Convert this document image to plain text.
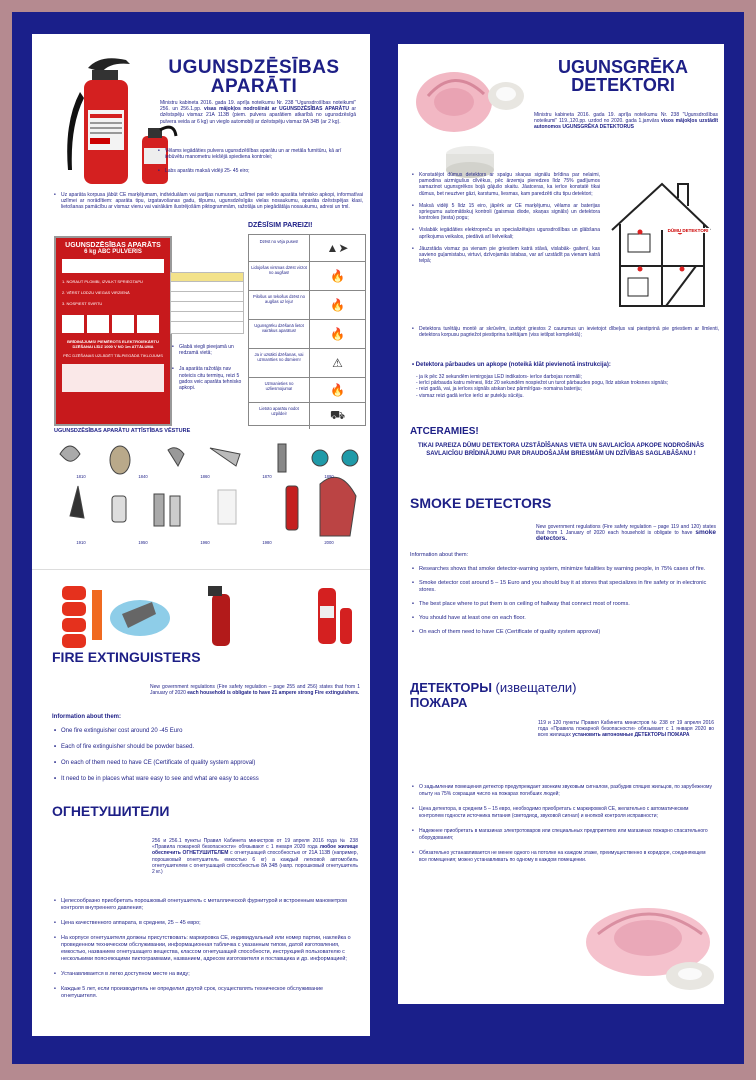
UGUNSDZĒSĪBAS
APARĀTI
Ministru kabineta 2016. gada 19. aprīļa noteikumu Nr. 238 "Ugunsdrošības noteikumi" 256. un 256.1.pp. visas mājokļos nodrošināt ar UGUNSDZĒSĪBAS APARĀTU ar dzēstspēju vismaz 21A 113B (piem. pulvera aparātiem atkarībā no ugunsdzēsīgā pulvera veida ar 6 kg) un vieglo automobiļi ar dzēstspēju vismaz 8A 34B (ar 2 kg).
• Vēlams iegādāties pulvera ugunsdzēšības aparātu un ar metāla furnitūru, kā arī iebūvētu manometru iekšējā spiediena kontrolei;
• Labs aparāts maksā vidēji 25- 45 eiro;
• Uz aparāta korpusa jābūt CE marķējumam, individuālam vai partijas numuram, uzlīmei par veikto aparāta tehnisko apkopi, informatīvai uzlīmei ar norādītiem: aparāta tipu, izgatavošanas gadu, tilpumu, ugunsdzēsīgās vielas nosaukumu, aparāta dzēstspējas klasi, lietošanas pamācību ar vismaz vienu vai vairākām ilustrējošām piktogrammām, ražotāja un piegādātāja nosaukumu, adresi un tml.
DZĒSĪSIM PAREIZI!
UGUNSDZĒSĪBAS APARĀTS
6 kg ABC PULVERIS
1. NORAUT PLOMBI, IZVILKT SPRIEGTAPU
2. VĒRST LŪDZU VIEGAS VIRZIENĀ
3. NOSPIEST SVIRTU
BRĪDINĀJUMS! PIEMĒROTS ELEKTROIEKĀRTU DZĒŠANAI LĪDZ 1000 V NO 1m ATTĀLUMA
PĒC DZĒŠANAS UZLĀDĒT TĀLPIEGĀDĀ TIKLOJUMS
• Glabā viegli pieejamā un redzamā vietā;
• Ja aparāta ražotājs nav noteicis citu termiņu, reizi 5 gados veic aparāta tehnisko apkopi.
Dzēst no vēja puses!	▲➤
Lidojošas virsmas dzēst virzot no augšas!	🔥
Pilošus un tekošus dzēst no augšas uz leju!	🔥
Ugunsgrēku dzēšanā lietot vairākus aparātus!	🔥
Ja ir uzsākti dzēšanas, vai uzmanīties no dūmiem!	⚠
Uzmanieties no uzliesmojuma!	🔥
Lietoto aparātu nodot uzpildei!	⛟
UGUNSDZĒSĪBAS APARĀTU ATTĪSTĪBAS VĒSTURE
1810	1840	1860	1870	1890
1910	1950	1960	1980	2000
FIRE EXTINGUISTERS
New government regulations (Fire safety regulation – page 255 and 256) states that from 1 January of 2020 each household is obligate to have 21 ampere strong Fire extinguishers.
Information about them:
• One fire extinguisher cost around 20 -45 Euro
• Each of fire extinguisher should be powder based.
• On each of them need to have CE (Certificate of quality system approval)
• It need to be in places what ware easy to see and what are easy to access
ОГНЕТУШИТЕЛИ
256 и 256.1 пункты Правил Кабинета министров от 19 апреля 2016 года № 238 «Правила пожарной безопасности» обязывают с 1 января 2020 года любое жилище обеспечить ОГНЕТУШИТЕЛЕМ с огнетушащей способностью от 21A 113B (например, порошковый огнетушитель емкостью 6 кг) а каждый легковой автомобиль огнетушителем с огнетушащей способностью 8A 34B (напр. порошковый огнетушитель 2 кг.)
• Целесообразно приобретать порошковый огнетушитель с металлической фурнитурой и встроенным манометром контроля внутреннего давления;
• Цена качественного аппарата, в среднем, 25 – 45 евро;
• На корпусе огнетушителя должны присутствовать: маркировка CE, индивидуальный или номер партии, наклейка о проведенном техническом обслуживании, информационная табличка с указанным типом, датой изготовления, емкостью, названием огнетушащего вещества, классом огнетушащей способности, инструкцией пользователю с несколькими поясняющими пиктограммами, названием, адресом изготовителя и поставщика и др. информацией;
• Устанавливается в легко доступном месте на виду;
• Каждые 5 лет, если производитель не определил другой срок, осуществлять техническое обслуживание огнетушителя.
UGUNSGRĒKA
DETEKTORI
Ministru kabineta 2016. gada 19. aprīļa noteikumu Nr. 238 "Ugunsdrošības noteikumi" 119.,120.pp. uzdod no 2020. gada 1.janvāra visos mājokļos uzstādīt autonomos UGUNSGRĒKA DETEKTORUS
• Konstatējot dūmus detektors ar spalgu skaņas signālu brīdina par nelaimi, pamodina aizmigušus cilvēkus, pēc ārzemju pieredzes līdz 75% gadījumos samazinot ugunsgrēkos bojā gājušo skaitu. Jāatceras, ka ierīce konstatē tikai dūmus, bet neuztver gāzi, karstumu, liesmas, kam paredzēti citu tipu detektori;
• Maksā vidēji 5 līdz 15 eiro, jāpērk ar CE marķējumu, vēlams ar baterijas spriegumu automātiskuj kontroli (gaismas diode, skaņas signāls) un detektora kontroles (testa) pogu;
• Vislabāk iegādāties elektropreču un specializētajos ugunsdrošības un glābšana aprīkojuma veikalos, piedāvā arī lielveikali;
• Jāuzstāda vismaz pa vienam pie griestiem katrā stāvā, vislabāk- gaitenī, kas savieno guļamistabu, virtuvi, dzīvojamās istabas, var arī uzstādīt pa vienam katrā telpā;
• Detektora turētāju montē ar skrūvēm, izurbjot griestos 2 caurumus un ievietojot dībeļus vai piestiprinā pie griestiem ar līmlenti, detektora korpusu pagriežot piestiprina turētājam (viss ietilpst komplektā);
DŪMU DETEKTORI
• Detektora pārbaudes un apkope (noteikā klāt pievienotā instrukcija):
- ja ik pēc 32 sekundēm iemirgojas LED indikators- ierīce darbojas normāli;
- ierīci pārbauda katru mēnesi, līdz 20 sekundēm nospiežot un turot pārbaudes pogu, līdz atskan troksnes signāls;
- reizi gadā, vai, ja ierīces signāls atskan bez pārmīrīgas- nomaina bateriju;
- vismaz reizi gadā ierīce ierīci ar putekļu sūcēju.
ATCERAMIES!
TIKAI PAREIZA DŪMU DETEKTORA UZSTĀDĪŠANAS VIETA UN SAVLAICĪGA APKOPE NODROŠINĀS SAVLAICĪGU BRĪDINĀJUMU PAR DRAUDOŠAJĀM BRIESMĀM UN DZĪVĪBAS SAGLABĀŠANU !
SMOKE DETECTORS
New government regulations (Fire safety regulation – page 119 and 120) states that from 1 January of 2020 each household is obligate to have smoke detectors.
Information about them:
• Researches shows that smoke detector-warning system, minimize fatalities by warning people, in 75% cases of fire.
• Smoke detector cost around 5 – 15 Euro and you should buy it at stores that specializes in fire safety or in electronic stores.
• The best place where to put them is on ceiling of hallway that connect most of rooms.
• You should have at least one on each floor.
• On each of them need to have CE (Certificate of quality system approval)
ДЕТЕКТОРЫ (извещатели)
ПОЖАРА
119 и 120 пункты Правил Кабинета министров № 238 от 19 апреля 2016 года «Правила пожарной безопасности» обязывают с 1 января 2020 во всех жилищах установить автономные ДЕТЕКТОРЫ ПОЖАРА
• О задымлении помещения детектор предупреждает звонким звуковым сигналом, разбудив спящих жильцов, по зарубежному опыту на 75% сокращая число на пожарах погибших людей;
• Цена детектора, в среднем 5 – 15 евро, необходимо приобретать с маркировкой CE, желательно с автоматическим контролем годности источника питания (светодиод, звуковой сигнал) и кнопкой контроля исправности;
• Надежнее приобретать в магазинах электротоваров или специальных предприятиях или магазинах пожарно спасательного оборудования;
• Обязательно устанавливается не менее одного на потолке на каждом этаже, преимущественно в коридоре, соединяющем все помещения; можно устанавливать по одному в каждом помещении.
